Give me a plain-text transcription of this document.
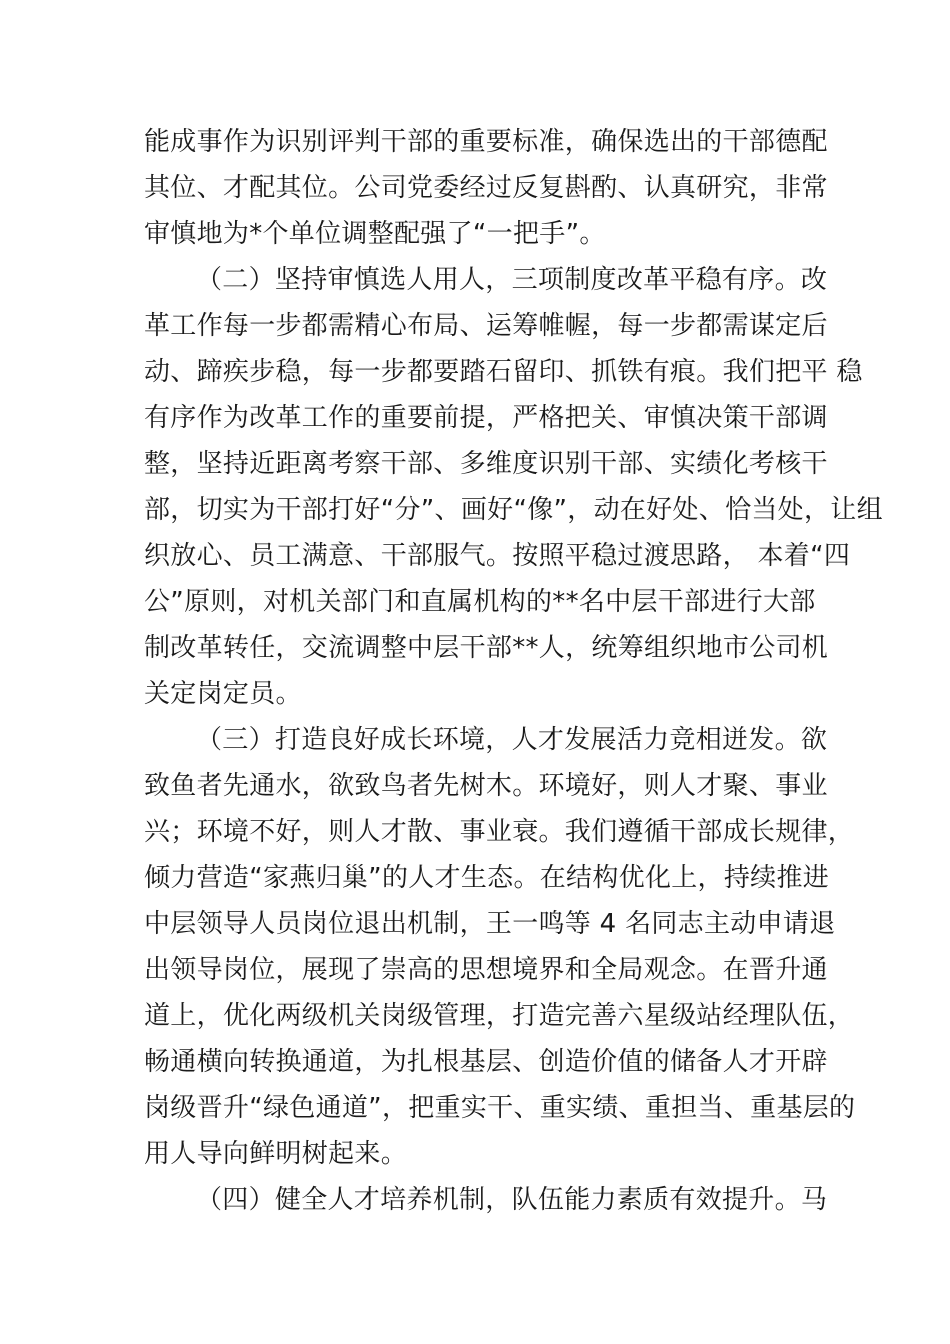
能成事作为识别评判干部的重要标准，确保选出的干部德配
其位、才配其位。公司党委经过反复斟酌、认真研究，非常
审慎地为*个单位调整配强了“一把手”。
（二）坚持审慎选人用人，三项制度改革平稳有序。改
革工作每一步都需精心布局、运筹帷幄，每一步都需谋定后
动、蹄疾步稳，每一步都要踏石留印、抓铁有痕。我们把平 稳
有序作为改革工作的重要前提，严格把关、审慎决策干部调
整，坚持近距离考察干部、多维度识别干部、实绩化考核干
部，切实为干部打好“分”、画好“像”，动在好处、恰当处，让组
织放心、员工满意、干部服气。按照平稳过渡思路， 本着“四
公”原则，对机关部门和直属机构的**名中层干部进行大部
制改革转任，交流调整中层干部**人，统筹组织地市公司机
关定岗定员。
（三）打造良好成长环境，人才发展活力竞相迸发。欲
致鱼者先通水，欲致鸟者先树木。环境好，则人才聚、事业
兴；环境不好，则人才散、事业衰。我们遵循干部成长规律，
倾力营造“家燕归巢”的人才生态。在结构优化上，持续推进
中层领导人员岗位退出机制，王一鸣等 4 名同志主动申请退
出领导岗位，展现了崇高的思想境界和全局观念。在晋升通
道上，优化两级机关岗级管理，打造完善六星级站经理队伍，
畅通横向转换通道，为扎根基层、创造价值的储备人才开辟
岗级晋升“绿色通道”，把重实干、重实绩、重担当、重基层的
用人导向鲜明树起来。
（四）健全人才培养机制，队伍能力素质有效提升。马
